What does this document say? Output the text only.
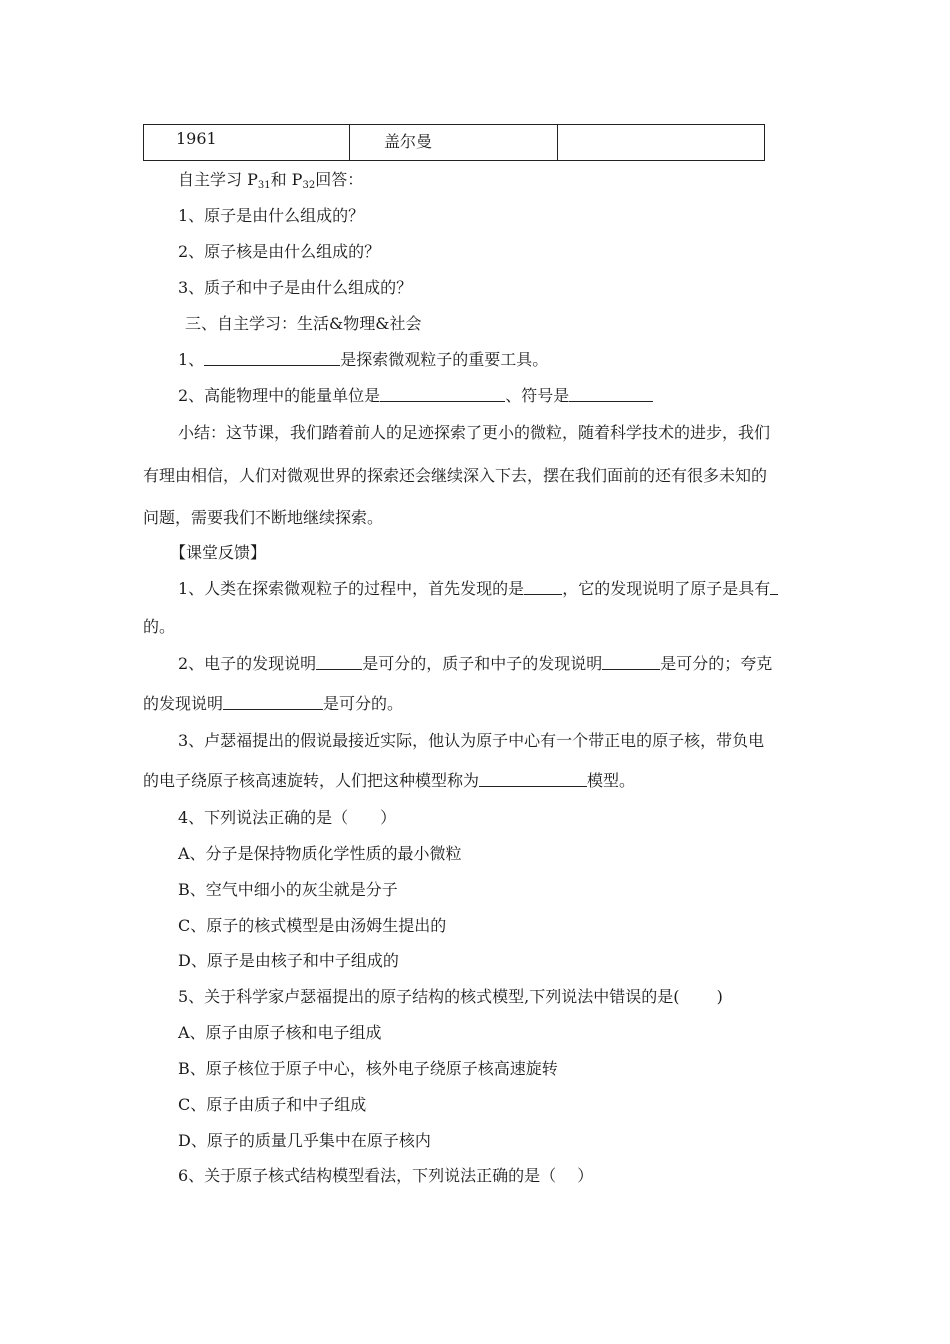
1961	盖尔曼
自主学习 $P_{31}$和 $P_{32}$回答：
1、原子是由什么组成的？
2、原子核是由什么组成的？
3、质子和中子是由什么组成的？
三、自主学习：生活&物理&社会
1、	是探索微观粒子的重要工具。
2、高能物理中的能量单位是	、符号是
小结：这节课，我们踏着前人的足迹探索了更小的微粒，随着科学技术的进步，我们
有理由相信，人们对微观世界的探索还会继续深入下去，摆在我们面前的还有很多未知的
问题，需要我们不断地继续探索。
【课堂反馈】
1、人类在探索微观粒子的过程中，首先发现的是 ，它的发现说明了原子是具有
的。
2、电子的发现说明	是可分的，质子和中子的发现说明	是可分的；夸克
的发现说明	是可分的。
3、卢瑟福提出的假说最接近实际，他认为原子中心有一个带正电的原子核，带负电
的电子绕原子核高速旋转，人们把这种模型称为	模型。
4、下列说法正确的是（　　）
A、分子是保持物质化学性质的最小微粒
B、空气中细小的灰尘就是分子
C、原子的核式模型是由汤姆生提出的
D、原子是由核子和中子组成的
5、关于科学家卢瑟福提出的原子结构的核式模型,下列说法中错误的是(　　 )
A、原子由原子核和电子组成
B、原子核位于原子中心，核外电子绕原子核高速旋转
C、原子由质子和中子组成
D、原子的质量几乎集中在原子核内
6、关于原子核式结构模型看法，下列说法正确的是（　 ）
